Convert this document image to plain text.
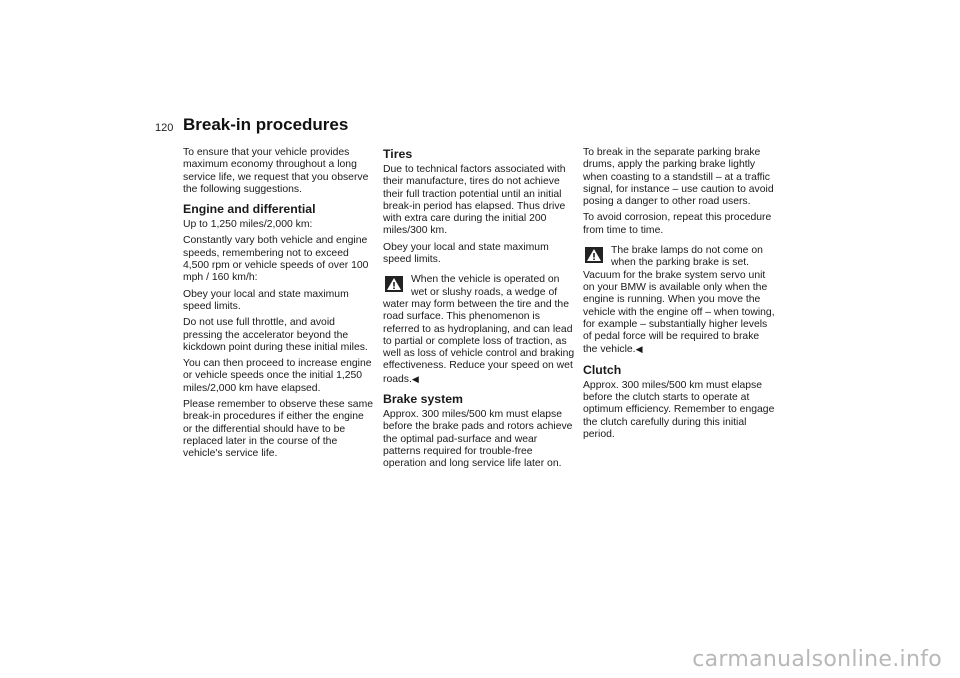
120 Break-in procedures

To ensure that your vehicle provides maximum economy throughout a long service life, we request that you observe the following suggestions.

Engine and differential

Up to 1,250 miles/2,000 km:

Constantly vary both vehicle and engine speeds, remembering not to exceed 4,500 rpm or vehicle speeds of over 100 mph / 160 km/h:

Obey your local and state maximum speed limits.

Do not use full throttle, and avoid pressing the accelerator beyond the kickdown point during these initial miles.

You can then proceed to increase engine or vehicle speeds once the initial 1,250 miles/2,000 km have elapsed.

Please remember to observe these same break-in procedures if either the engine or the differential should have to be replaced later in the course of the vehicle's service life.

Tires

Due to technical factors associated with their manufacture, tires do not achieve their full traction potential until an initial break-in period has elapsed. Thus drive with extra care during the initial 200 miles/300 km.

Obey your local and state maximum speed limits.

When the vehicle is operated on wet or slushy roads, a wedge of water may form between the tire and the road surface. This phenomenon is referred to as hydroplaning, and can lead to partial or complete loss of traction, as well as loss of vehicle control and braking effectiveness. Reduce your speed on wet roads.◀
Brake system

Approx. 300 miles/500 km must elapse before the brake pads and rotors achieve the optimal pad-surface and wear patterns required for trouble-free operation and long service life later on.

To break in the separate parking brake drums, apply the parking brake lightly when coasting to a standstill – at a traffic signal, for instance – use caution to avoid posing a danger to other road users.

To avoid corrosion, repeat this procedure from time to time.

The brake lamps do not come on when the parking brake is set. Vacuum for the brake system servo unit on your BMW is available only when the engine is running. When you move the vehicle with the engine off – when towing, for example – substantially higher levels of pedal force will be required to brake the vehicle.◀
Clutch

Approx. 300 miles/500 km must elapse before the clutch starts to operate at optimum efficiency. Remember to engage the clutch carefully during this initial period.

carmanualsonline.info
